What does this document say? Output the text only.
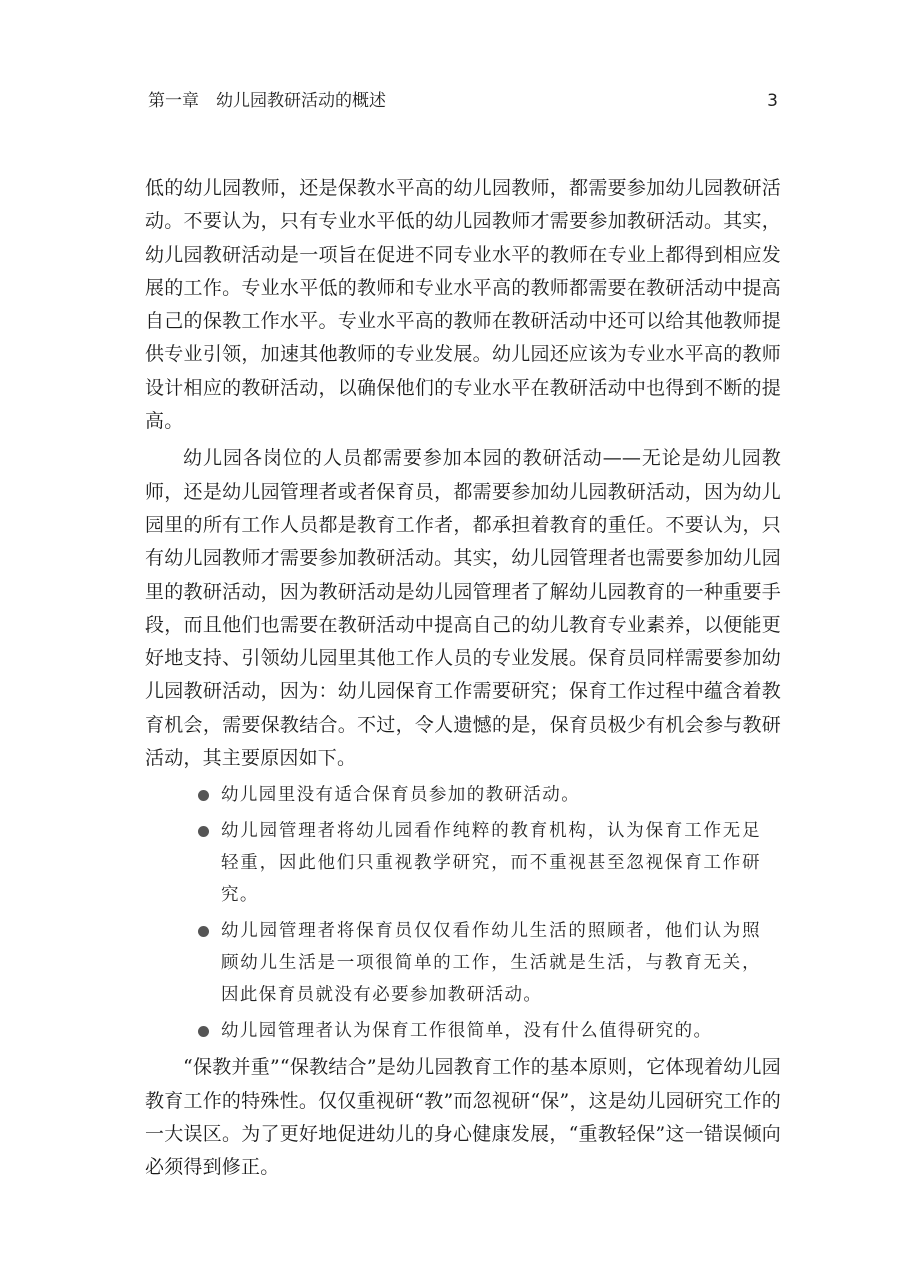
第一章　幼儿园教研活动的概述	3

低的幼儿园教师，还是保教水平高的幼儿园教师，都需要参加幼儿园教研活动。不要认为，只有专业水平低的幼儿园教师才需要参加教研活动。其实，幼儿园教研活动是一项旨在促进不同专业水平的教师在专业上都得到相应发展的工作。专业水平低的教师和专业水平高的教师都需要在教研活动中提高自己的保教工作水平。专业水平高的教师在教研活动中还可以给其他教师提供专业引领，加速其他教师的专业发展。幼儿园还应该为专业水平高的教师设计相应的教研活动，以确保他们的专业水平在教研活动中也得到不断的提高。

幼儿园各岗位的人员都需要参加本园的教研活动——无论是幼儿园教师，还是幼儿园管理者或者保育员，都需要参加幼儿园教研活动，因为幼儿园里的所有工作人员都是教育工作者，都承担着教育的重任。不要认为，只有幼儿园教师才需要参加教研活动。其实，幼儿园管理者也需要参加幼儿园里的教研活动，因为教研活动是幼儿园管理者了解幼儿园教育的一种重要手段，而且他们也需要在教研活动中提高自己的幼儿教育专业素养，以便能更好地支持、引领幼儿园里其他工作人员的专业发展。保育员同样需要参加幼儿园教研活动，因为：幼儿园保育工作需要研究；保育工作过程中蕴含着教育机会，需要保教结合。不过，令人遗憾的是，保育员极少有机会参与教研活动，其主要原因如下。

幼儿园里没有适合保育员参加的教研活动。
幼儿园管理者将幼儿园看作纯粹的教育机构，认为保育工作无足轻重，因此他们只重视教学研究，而不重视甚至忽视保育工作研究。
幼儿园管理者将保育员仅仅看作幼儿生活的照顾者，他们认为照顾幼儿生活是一项很简单的工作，生活就是生活，与教育无关，因此保育员就没有必要参加教研活动。
幼儿园管理者认为保育工作很简单，没有什么值得研究的。

“保教并重”“保教结合”是幼儿园教育工作的基本原则，它体现着幼儿园教育工作的特殊性。仅仅重视研“教”而忽视研“保”，这是幼儿园研究工作的一大误区。为了更好地促进幼儿的身心健康发展，“重教轻保”这一错误倾向必须得到修正。
